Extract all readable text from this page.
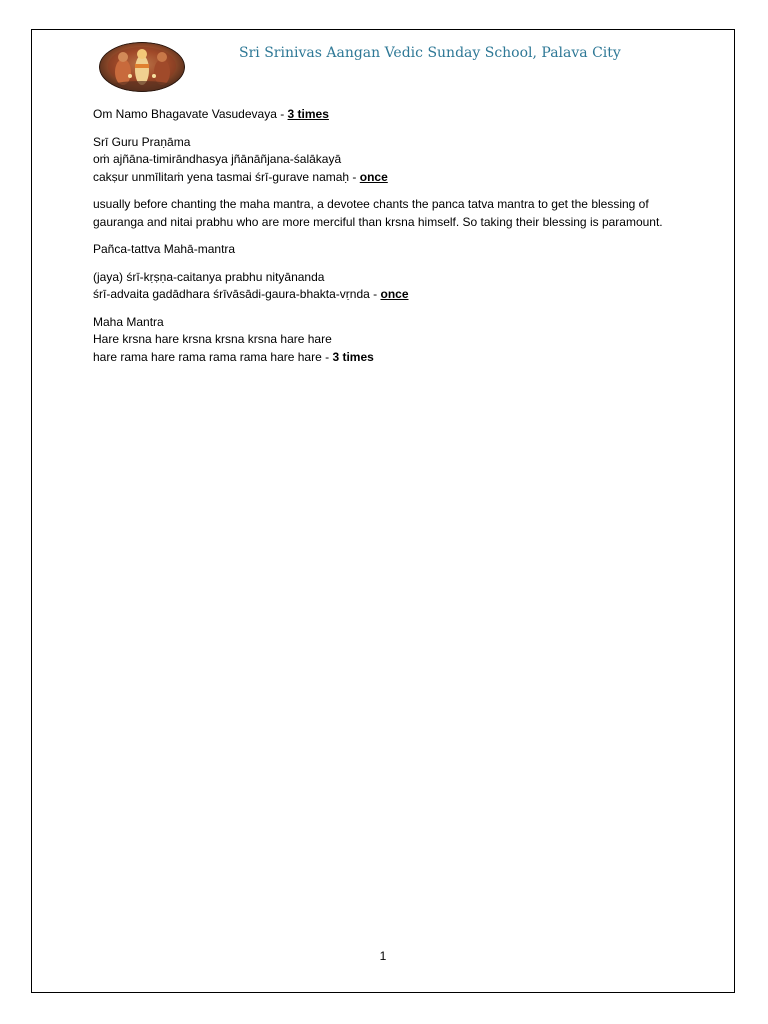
Sri Srinivas Aangan Vedic Sunday School, Palava City

Om Namo Bhagavate Vasudevaya - 3 times

Srī Guru Praṇāma
oṁ ajñāna-timirāndhasya jñānāñjana-śalākayā
cakṣur unmīlitaṁ yena tasmai śrī-gurave namaḥ - once

usually before chanting the maha mantra, a devotee chants the panca tatva mantra to get the blessing of gauranga and nitai prabhu who are more merciful than krsna himself. So taking their blessing is paramount.

Pañca-tattva Mahā-mantra

(jaya) śrī-kṛṣṇa-caitanya prabhu nityānanda
śrī-advaita gadādhara śrīvāsādi-gaura-bhakta-vṛnda - once

Maha Mantra
Hare krsna hare krsna krsna krsna hare hare
hare rama hare rama rama rama hare hare - 3 times

1
